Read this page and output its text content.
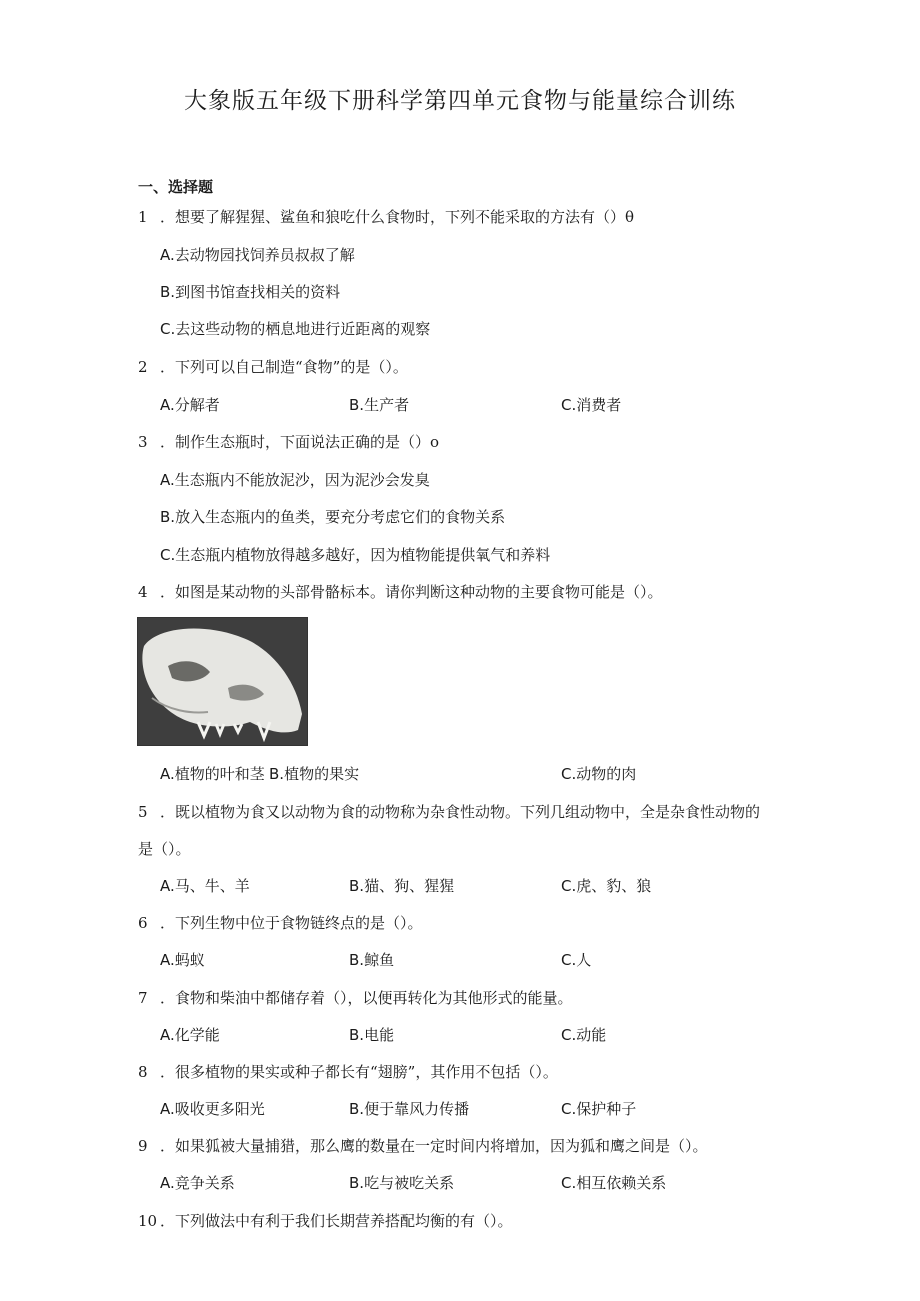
大象版五年级下册科学第四单元食物与能量综合训练
一、选择题
1 ．想要了解猩猩、鲨鱼和狼吃什么食物时，下列不能采取的方法有（）θ
A.去动物园找饲养员叔叔了解
B.到图书馆查找相关的资料
C.去这些动物的栖息地进行近距离的观察
2 ．下列可以自己制造“食物”的是（）。
A.分解者	B.生产者	C.消费者
3 ．制作生态瓶时，下面说法正确的是（）o
A.生态瓶内不能放泥沙，因为泥沙会发臭
B.放入生态瓶内的鱼类，要充分考虑它们的食物关系
C.生态瓶内植物放得越多越好，因为植物能提供氧气和养料
4 ．如图是某动物的头部骨骼标本。请你判断这种动物的主要食物可能是（）。
A.植物的叶和茎 B.植物的果实	C.动物的肉
5 ．既以植物为食又以动物为食的动物称为杂食性动物。下列几组动物中，全是杂食性动物的
是（）。
A.马、牛、羊	B.猫、狗、猩猩	C.虎、豹、狼
6 ．下列生物中位于食物链终点的是（）。
A.蚂蚁	B.鲸鱼	C.人
7 ．食物和柴油中都储存着（），以便再转化为其他形式的能量。
A.化学能	B.电能	C.动能
8 ．很多植物的果实或种子都长有“翅膀”，其作用不包括（）。
A.吸收更多阳光	B.便于靠风力传播	C.保护种子
9 ．如果狐被大量捕猎，那么鹰的数量在一定时间内将增加，因为狐和鹰之间是（）。
A.竞争关系	B.吃与被吃关系	C.相互依赖关系
10 ．下列做法中有利于我们长期营养搭配均衡的有（）。
